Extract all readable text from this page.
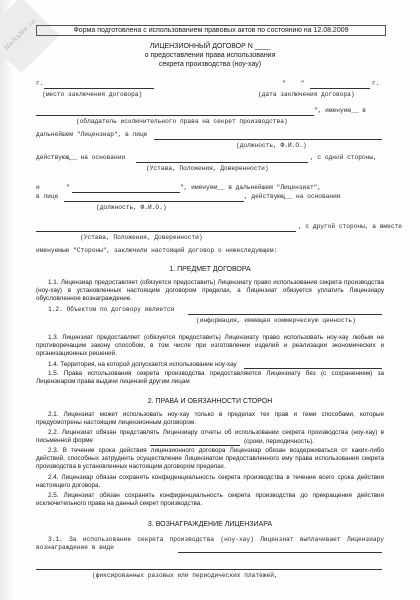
NoNaMe.ru	Форма подготовлена с использованием правовых актов по состоянию на 12.08.2009
ЛИЦЕНЗИОННЫЙ ДОГОВОР N ____
о предоставлении права использования
секрета производства (ноу-хау)
г.	"    "	г.
(место заключения договора)	(дата заключения договора)
", именуем__ в
(обладатель исключительного права на секрет производства)
дальнейшем "Лицензиар", в лице
(должность, Ф.И.О.)
действующ__ на основании	, с одной стороны,
(Устава, Положения, Доверенности)
и	"	", именуем__ в дальнейшем "Лицензиат",
в лице	, действующ__ на основании
(должность, Ф.И.О.)
, с другой стороны, а вместе
(Устава, Положения, Доверенности)
именуемые "Стороны", заключили настоящий договор о нижеследующем:
1. ПРЕДМЕТ ДОГОВОРА
1.1. Лицензиар предоставляет (обязуется предоставить) Лицензиату право использования секрета производства (ноу-хау) в установленных настоящим договором пределах, а Лицензиат обязуется уплатить Лицензиару обусловленное вознаграждение.
1.2. Объектом по договору является
(информация, имеющая коммерческую ценность)
1.3. Лицензиат предоставляет (обязуется предоставить) Лицензиату право использовать ноу-хау любым не противоречащим закону способом, в том числе при изготовлении изделий и реализации экономических и организационных решений.
1.4. Территория, на которой допускается использование ноу-хау
1.5. Права использования секрета производства предоставляются Лицензиату без (с сохранением) за Лицензиаром права выдачи лицензий другим лицам
2. ПРАВА И ОБЯЗАННОСТИ СТОРОН
2.1. Лицензиат может использовать ноу-хау только в пределах тех прав и теми способами, которые предусмотрены настоящим лицензионным договором.
2.2. Лицензиат обязан представлять Лицензиару отчеты об использовании секрета производства (ноу-хау) в письменной форме	(сроки, периодичность).
2.3. В течение срока действия лицензионного договора Лицензиар обязан воздерживаться от каких-либо действий, способных затруднить осуществление Лицензиатом предоставленного ему права использования секрета производства в установленных настоящим договором пределах.
2.4. Лицензиар обязан сохранять конфиденциальность секрета производства в течение всего срока действия настоящего договора.
2.5. Лицензиат обязан сохранять конфиденциальность секрета производства до прекращения действия исключительного права на данный секрет производства.
3. ВОЗНАГРАЖДЕНИЕ ЛИЦЕНЗИАРА
3.1. За использование секрета производства (ноу-хау) Лицензиат выплачивает Лицензиару вознаграждение в виде
(фиксированных разовых или периодических платежей,
